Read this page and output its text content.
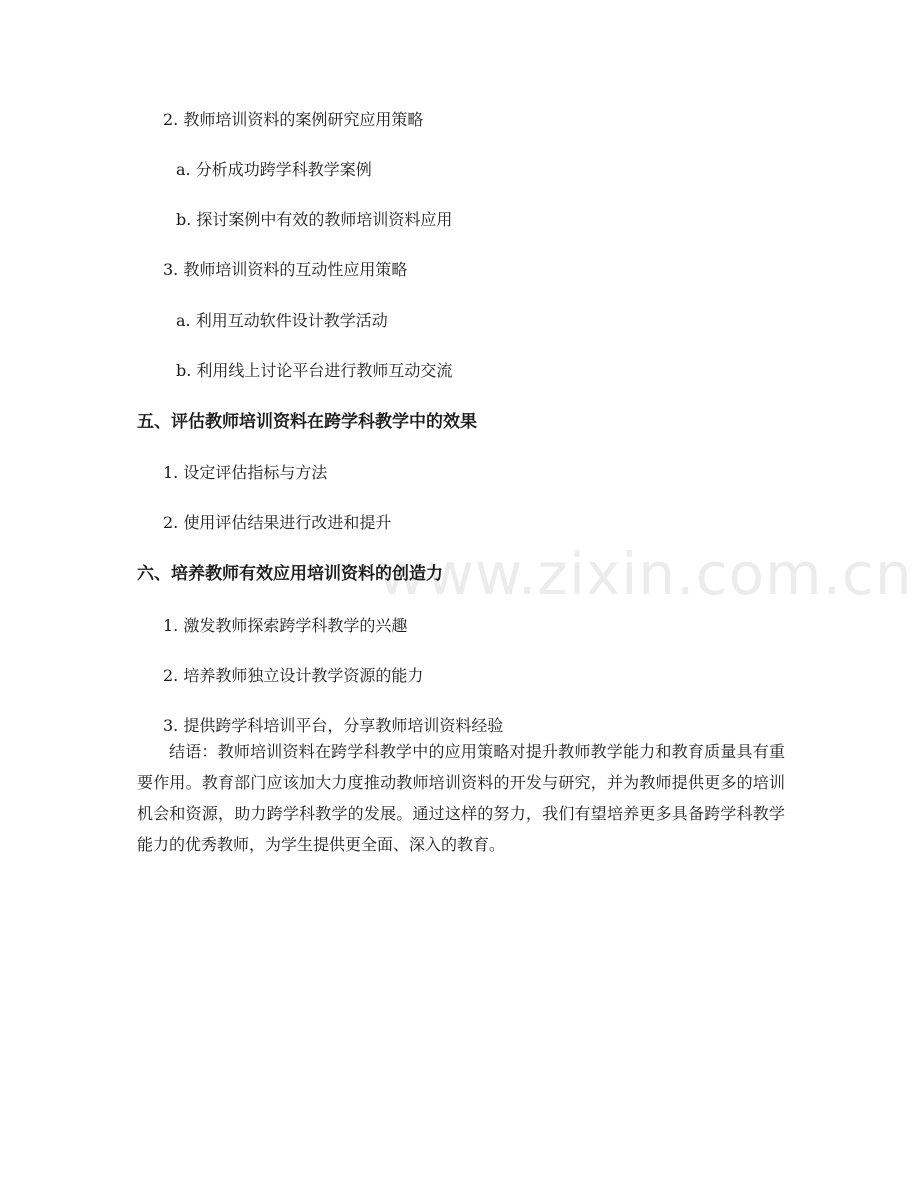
2. 教师培训资料的案例研究应用策略
a. 分析成功跨学科教学案例
b. 探讨案例中有效的教师培训资料应用
3. 教师培训资料的互动性应用策略
a. 利用互动软件设计教学活动
b. 利用线上讨论平台进行教师互动交流
五、评估教师培训资料在跨学科教学中的效果
1. 设定评估指标与方法
2. 使用评估结果进行改进和提升
六、培养教师有效应用培训资料的创造力
1. 激发教师探索跨学科教学的兴趣
2. 培养教师独立设计教学资源的能力
3. 提供跨学科培训平台，分享教师培训资料经验
结语：教师培训资料在跨学科教学中的应用策略对提升教师教学能力和教育质量具有重要作用。教育部门应该加大力度推动教师培训资料的开发与研究，并为教师提供更多的培训机会和资源，助力跨学科教学的发展。通过这样的努力，我们有望培养更多具备跨学科教学能力的优秀教师，为学生提供更全面、深入的教育。
www.zixin.com.cn
